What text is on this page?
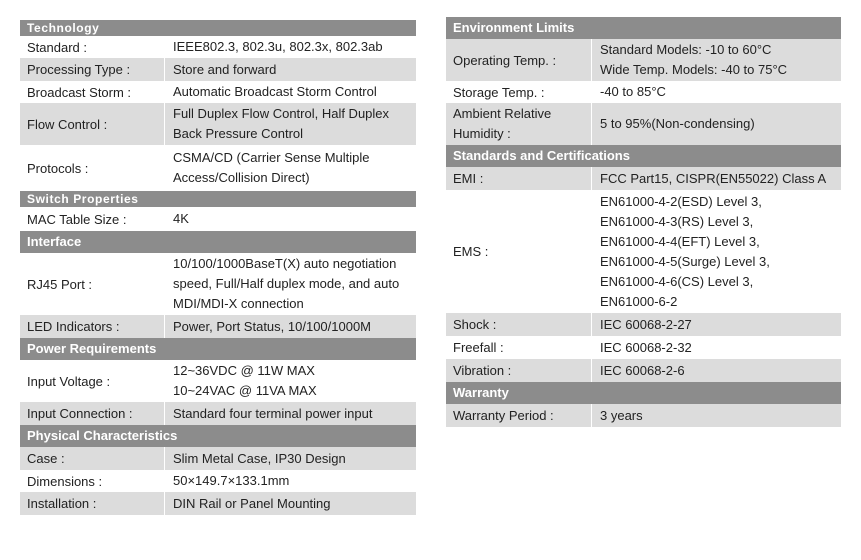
Technology
Standard :	IEEE802.3, 802.3u, 802.3x, 802.3ab
Processing Type :	Store and forward
Broadcast Storm :	Automatic Broadcast Storm Control
Flow Control :
Full Duplex Flow Control, Half Duplex
Back Pressure Control
Protocols :
CSMA/CD (Carrier Sense Multiple
Access/Collision Direct)
Switch Properties
MAC Table Size :	4K
Interface
RJ45 Port :
10/100/1000BaseT(X) auto negotiation
speed, Full/Half duplex mode, and auto
MDI/MDI-X connection
LED Indicators :	Power, Port Status, 10/100/1000M
Power Requirements
Input Voltage :
12~36VDC @ 11W MAX
10~24VAC @ 11VA MAX
Input Connection :	Standard four terminal power input
Physical Characteristics
Case :	Slim Metal Case, IP30 Design
Dimensions :	50×149.7×133.1mm
Installation :	DIN Rail or Panel Mounting
Environment Limits
Operating Temp. :
Standard Models: -10 to 60°C
Wide Temp. Models: -40 to 75°C
Storage Temp. :	-40 to 85°C
Ambient Relative Humidity :
5 to 95%(Non-condensing)
Standards and Certifications
EMI :	FCC Part15, CISPR(EN55022) Class A
EMS :
EN61000-4-2(ESD) Level 3,
EN61000-4-3(RS) Level 3,
EN61000-4-4(EFT) Level 3,
EN61000-4-5(Surge) Level 3,
EN61000-4-6(CS) Level 3,
EN61000-6-2
Shock :	IEC 60068-2-27
Freefall :	IEC 60068-2-32
Vibration :	IEC 60068-2-6
Warranty
Warranty Period :	3 years
